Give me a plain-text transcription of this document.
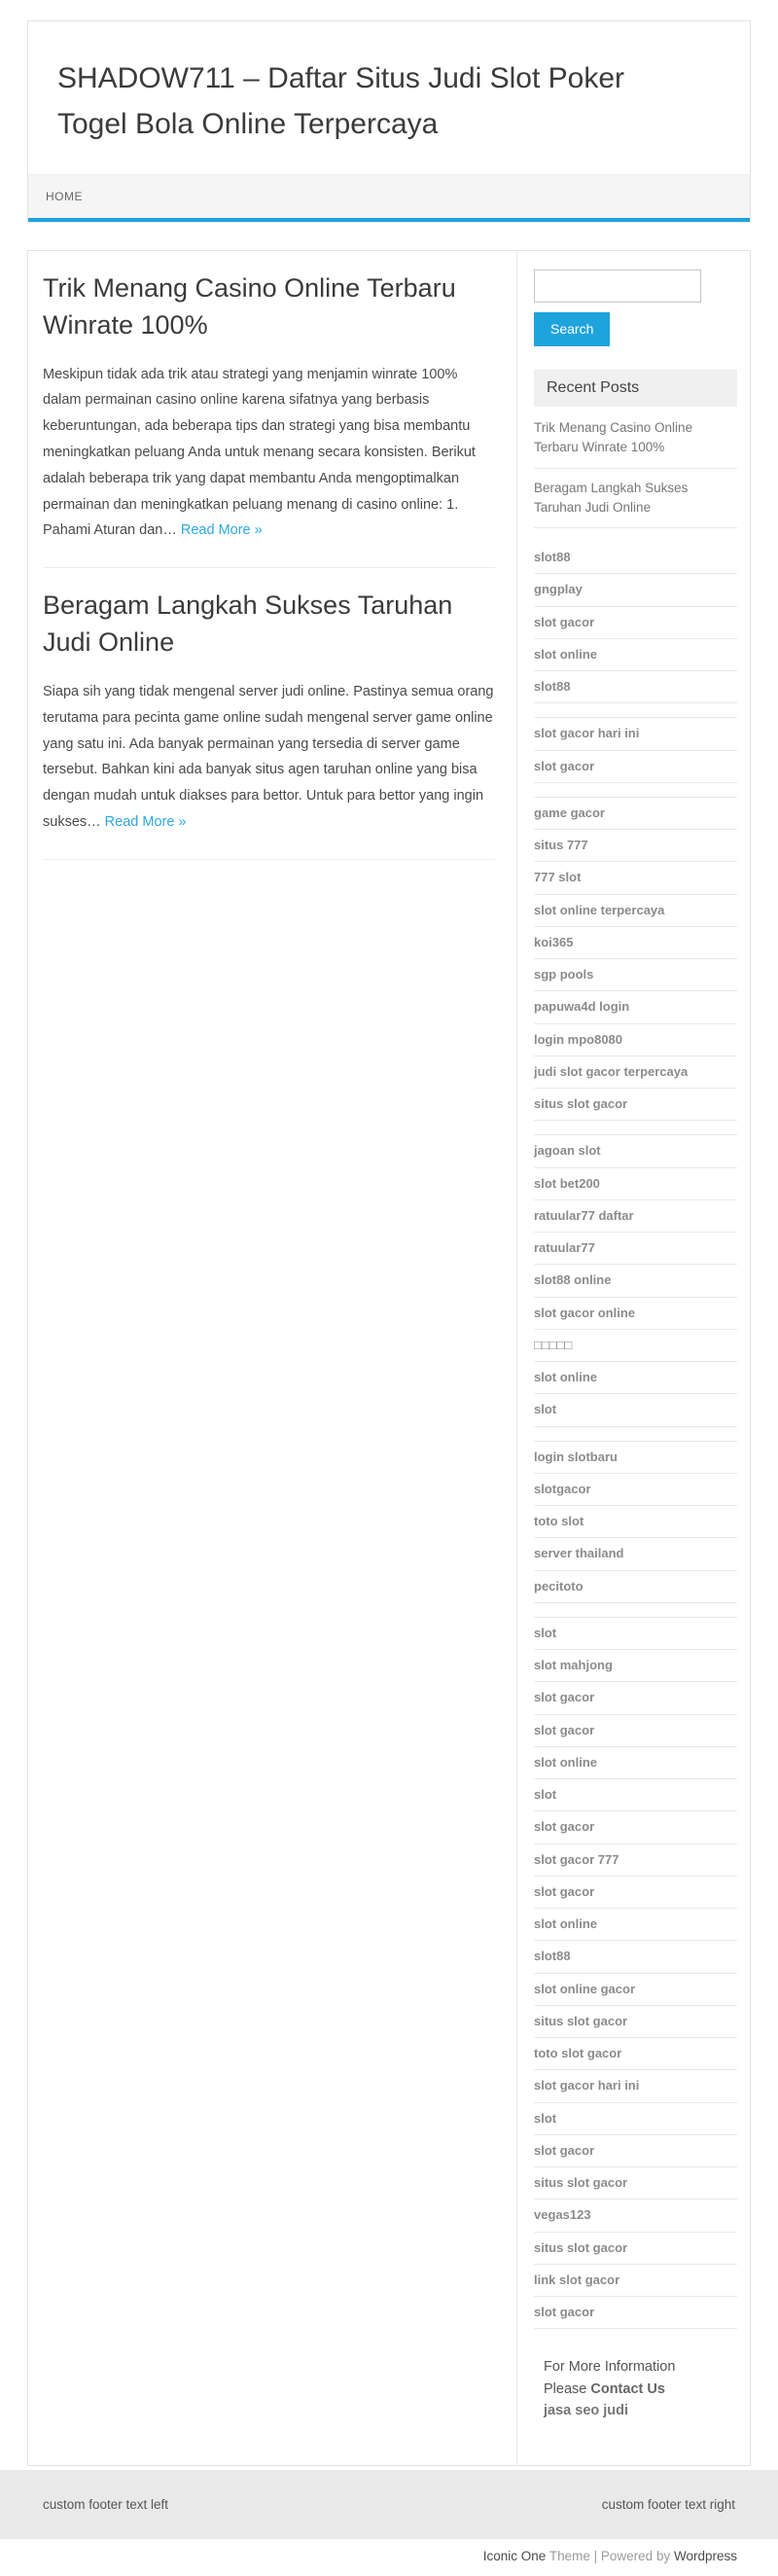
SHADOW711 – Daftar Situs Judi Slot Poker Togel Bola Online Terpercaya
HOME
Trik Menang Casino Online Terbaru Winrate 100%

Meskipun tidak ada trik atau strategi yang menjamin winrate 100% dalam permainan casino online karena sifatnya yang berbasis keberuntungan, ada beberapa tips dan strategi yang bisa membantu meningkatkan peluang Anda untuk menang secara konsisten. Berikut adalah beberapa trik yang dapat membantu Anda mengoptimalkan permainan dan meningkatkan peluang menang di casino online: 1. Pahami Aturan dan… Read More »

Beragam Langkah Sukses Taruhan Judi Online

Siapa sih yang tidak mengenal server judi online. Pastinya semua orang terutama para pecinta game online sudah mengenal server game online yang satu ini. Ada banyak permainan yang tersedia di server game tersebut. Bahkan kini ada banyak situs agen taruhan online yang bisa dengan mudah untuk diakses para bettor. Untuk para bettor yang ingin sukses… Read More »

Search
Recent Posts
Trik Menang Casino Online Terbaru Winrate 100%
Beragam Langkah Sukses Taruhan Judi Online
slot88
gngplay
slot gacor
slot online
slot88
slot gacor hari ini
slot gacor
game gacor
situs 777
777 slot
slot online terpercaya
koi365
sgp pools
papuwa4d login
login mpo8080
judi slot gacor terpercaya
situs slot gacor
jagoan slot
slot bet200
ratuular77 daftar
ratuular77
slot88 online
slot gacor online
□□□□□
slot online
slot
login slotbaru
slotgacor
toto slot
server thailand
pecitoto
slot
slot mahjong
slot gacor
slot gacor
slot online
slot
slot gacor
slot gacor 777
slot gacor
slot online
slot88
slot online gacor
situs slot gacor
toto slot gacor
slot gacor hari ini
slot
slot gacor
situs slot gacor
vegas123
situs slot gacor
link slot gacor
slot gacor
For More Information
Please Contact Us
jasa seo judi
custom footer text left	custom footer text right
Iconic One Theme | Powered by Wordpress
